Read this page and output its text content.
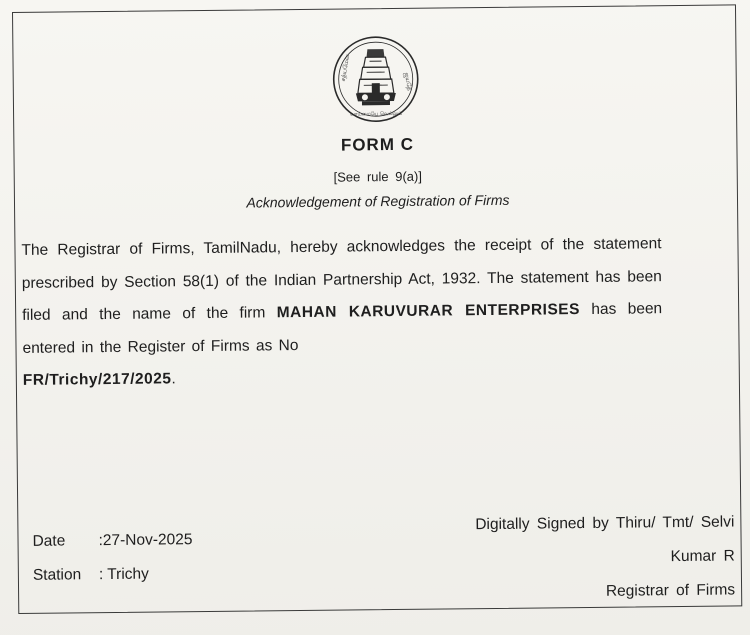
சத்யமேவ	ஜயதே
வாய்மையே வெல்லும்
FORM C
[See rule 9(a)]
Acknowledgement of Registration of Firms
The Registrar of Firms, TamilNadu, hereby acknowledges the receipt of the statement prescribed by Section 58(1) of the Indian Partnership Act, 1932. The statement has been filed and the name of the firm MAHAN KARUVURAR ENTERPRISES has been entered in the Register of Firms as No
FR/Trichy/217/2025.
Date :27-Nov-2025
Station : Trichy
Digitally Signed by Thiru/ Tmt/ Selvi
Kumar R
Registrar of Firms
